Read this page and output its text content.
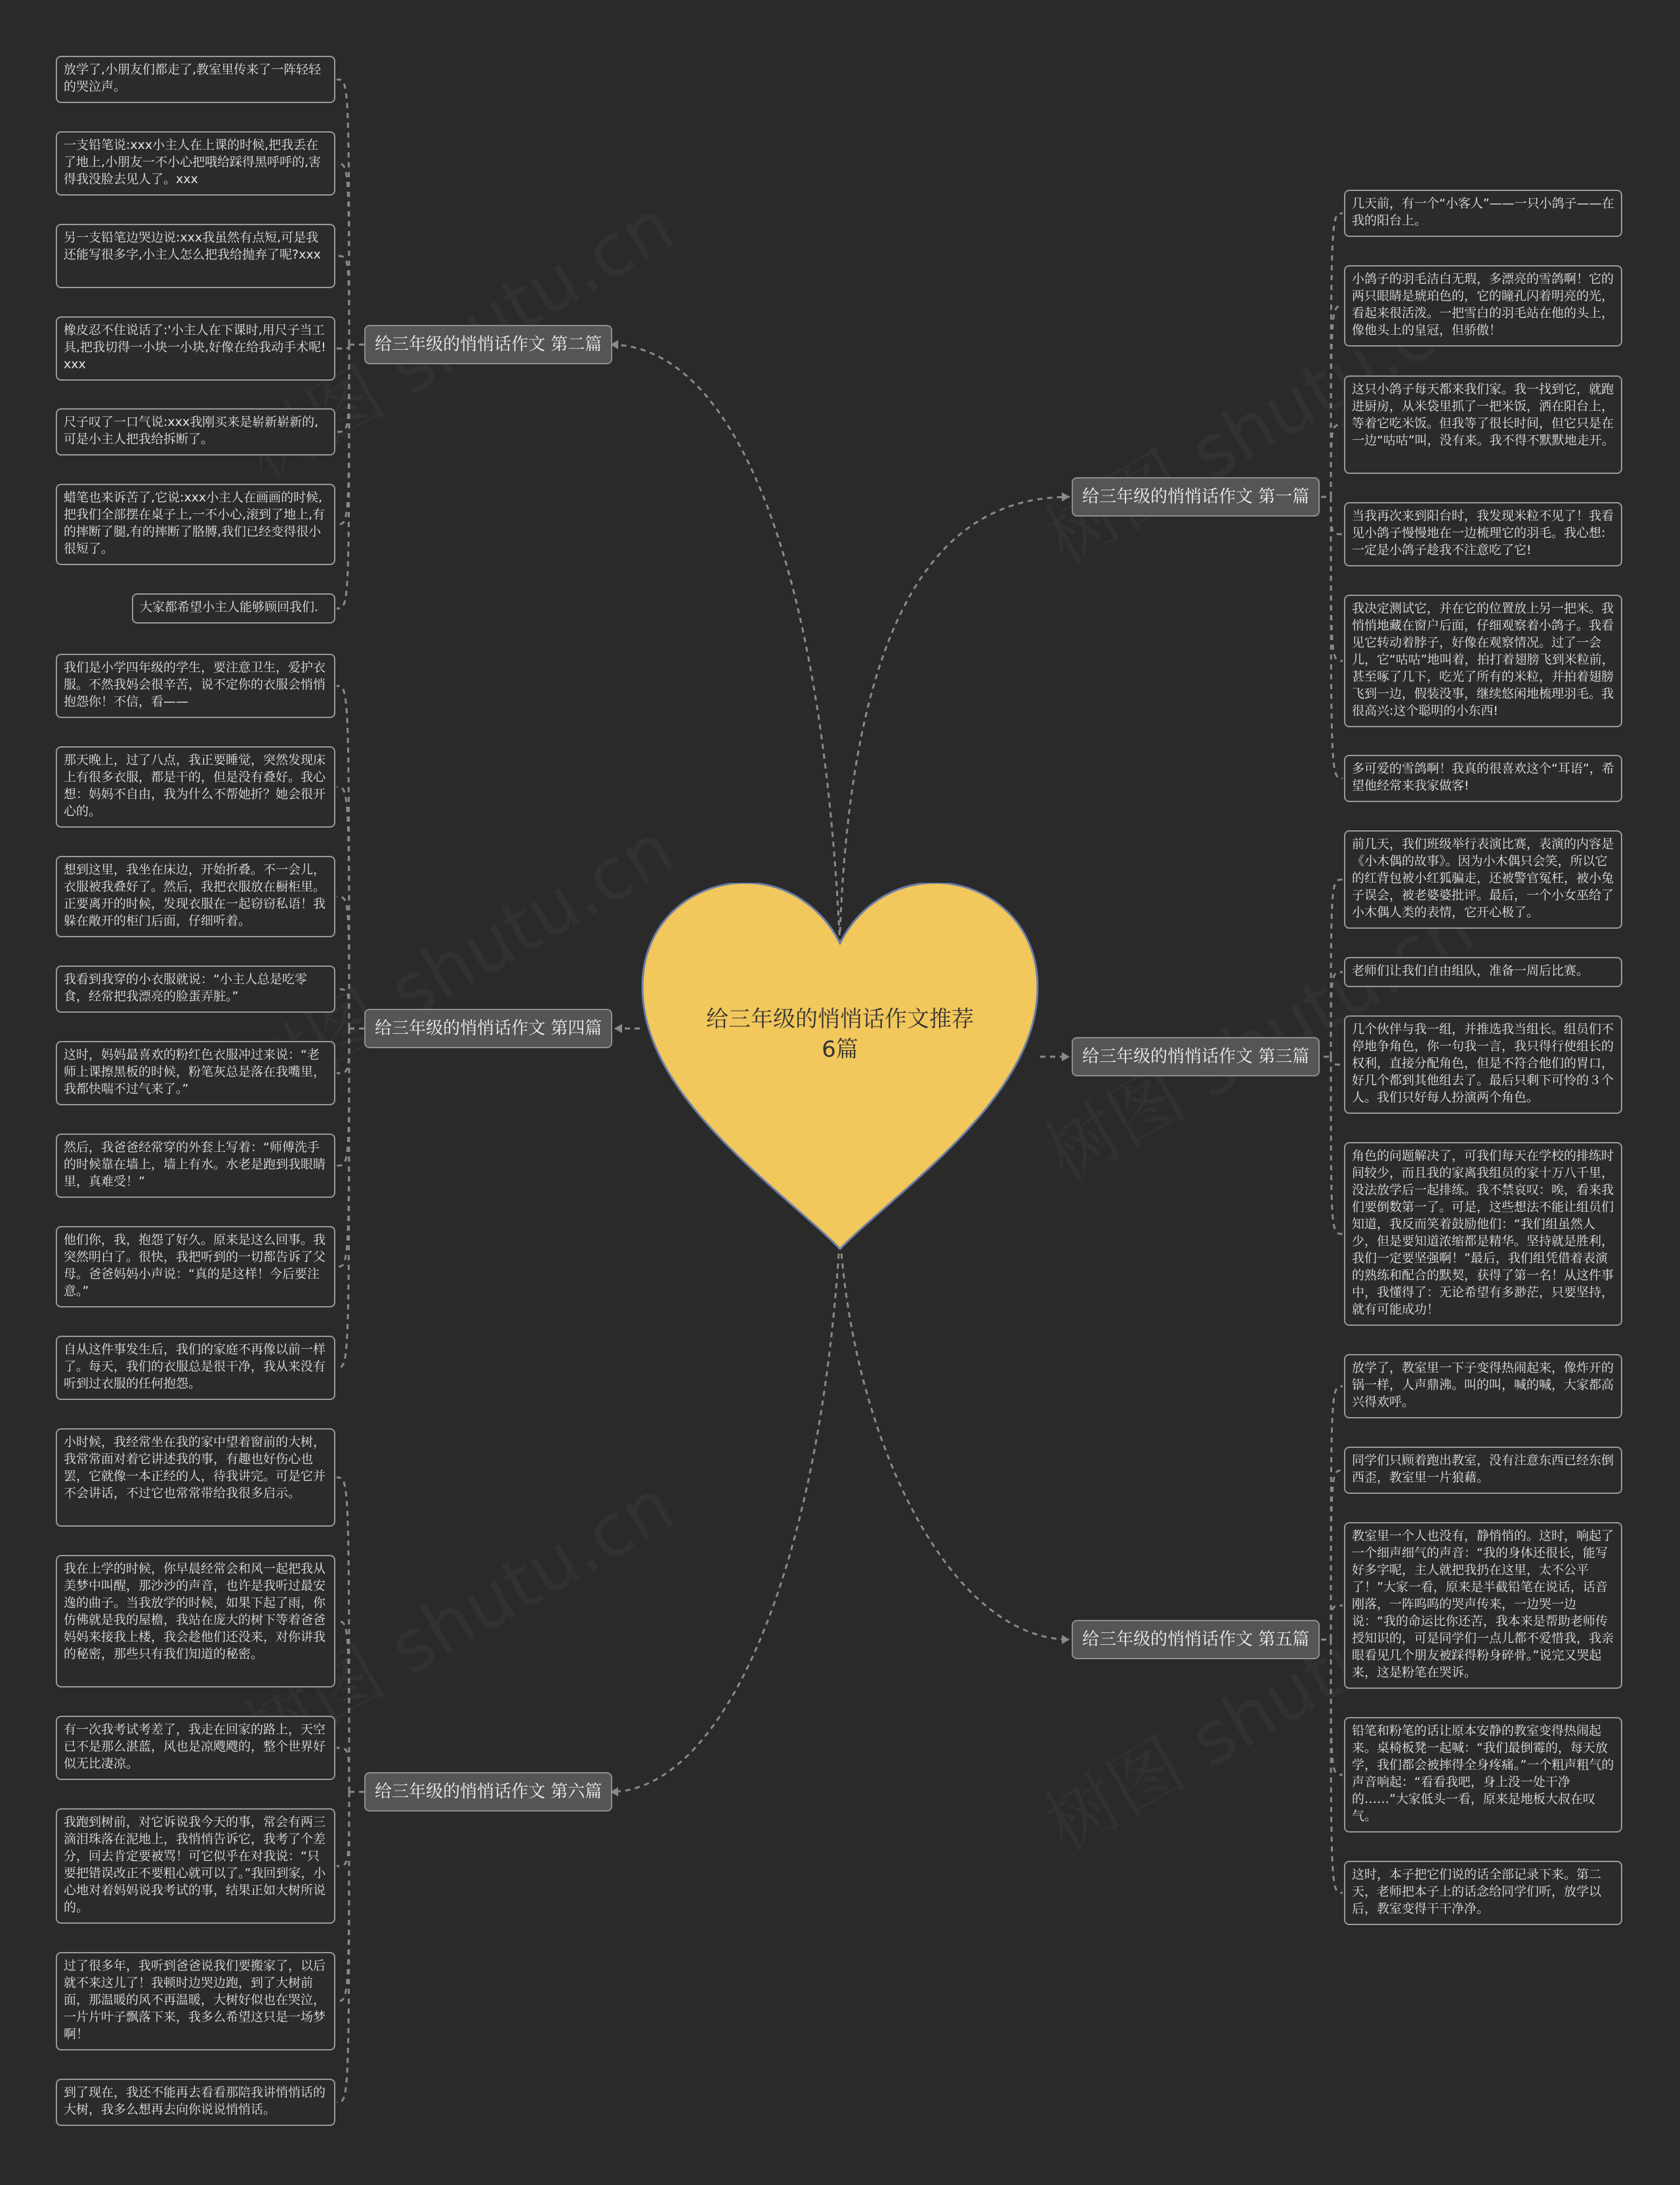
给三年级的悄悄话作文推荐6篇
给三年级的悄悄话作文 第一篇
几天前，有一个“小客人”——一只小鸽子——在我的阳台上。
小鸽子的羽毛洁白无瑕，多漂亮的雪鸽啊！它的两只眼睛是琥珀色的，它的瞳孔闪着明亮的光，看起来很活泼。一把雪白的羽毛站在他的头上，像他头上的皇冠，但骄傲！
这只小鸽子每天都来我们家。我一找到它，就跑进厨房，从米袋里抓了一把米饭，洒在阳台上，等着它吃米饭。但我等了很长时间，但它只是在一边“咕咕”叫，没有来。我不得不默默地走开。
当我再次来到阳台时，我发现米粒不见了！我看见小鸽子慢慢地在一边梳理它的羽毛。我心想:一定是小鸽子趁我不注意吃了它!
我决定测试它，并在它的位置放上另一把米。我悄悄地藏在窗户后面，仔细观察着小鸽子。我看见它转动着脖子，好像在观察情况。过了一会儿，它“咕咕”地叫着，拍打着翅膀飞到米粒前，甚至啄了几下，吃光了所有的米粒，并拍着翅膀飞到一边，假装没事，继续悠闲地梳理羽毛。我很高兴:这个聪明的小东西!
多可爱的雪鸽啊！我真的很喜欢这个“耳语”，希望他经常来我家做客!
给三年级的悄悄话作文 第二篇
放学了,小朋友们都走了,教室里传来了一阵轻轻的哭泣声。
一支铅笔说:xxx小主人在上课的时候,把我丢在了地上,小朋友一不小心把哦给踩得黑呼呼的,害得我没脸去见人了。xxx
另一支铅笔边哭边说:xxx我虽然有点短,可是我还能写很多字,小主人怎么把我给抛弃了呢?xxx
橡皮忍不住说话了:'小主人在下课时,用尺子当工具,把我切得一小块一小块,好像在给我动手术呢!xxx
尺子叹了一口气说:xxx我刚买来是崭新崭新的,可是小主人把我给拆断了。
蜡笔也来诉苦了,它说:xxx小主人在画画的时候,把我们全部摆在桌子上,一不小心,滚到了地上,有的摔断了腿,有的摔断了胳膊,我们已经变得很小很短了。
大家都希望小主人能够顾回我们.
给三年级的悄悄话作文 第三篇
前几天，我们班级举行表演比赛，表演的内容是《小木偶的故事》。因为小木偶只会笑，所以它的红背包被小红狐骗走，还被警官冤枉，被小兔子误会，被老婆婆批评。最后，一个小女巫给了小木偶人类的表情，它开心极了。
老师们让我们自由组队，准备一周后比赛。
几个伙伴与我一组，并推选我当组长。组员们不停地争角色，你一句我一言，我只得行使组长的权利，直接分配角色，但是不符合他们的胃口，好几个都到其他组去了。最后只剩下可怜的３个人。我们只好每人扮演两个角色。
角色的问题解决了，可我们每天在学校的排练时间较少，而且我的家离我组员的家十万八千里，没法放学后一起排练。我不禁哀叹：唉，看来我们要倒数第一了。可是，这些想法不能让组员们知道，我反而笑着鼓励他们：“我们组虽然人少，但是要知道浓缩都是精华。坚持就是胜利，我们一定要坚强啊！”最后，我们组凭借着表演的熟练和配合的默契，获得了第一名！从这件事中，我懂得了：无论希望有多渺茫，只要坚持，就有可能成功！
给三年级的悄悄话作文 第四篇
我们是小学四年级的学生，要注意卫生，爱护衣服。不然我妈会很辛苦，说不定你的衣服会悄悄抱怨你！不信，看——
那天晚上，过了八点，我正要睡觉，突然发现床上有很多衣服，都是干的，但是没有叠好。我心想：妈妈不自由，我为什么不帮她折？她会很开心的。
想到这里，我坐在床边，开始折叠。不一会儿，衣服被我叠好了。然后，我把衣服放在橱柜里。正要离开的时候，发现衣服在一起窃窃私语！我躲在敞开的柜门后面，仔细听着。
我看到我穿的小衣服就说：“小主人总是吃零食，经常把我漂亮的脸蛋弄脏。”
这时，妈妈最喜欢的粉红色衣服冲过来说：“老师上课擦黑板的时候，粉笔灰总是落在我嘴里，我都快喘不过气来了。”
然后，我爸爸经常穿的外套上写着：“师傅洗手的时候靠在墙上，墙上有水。水老是跑到我眼睛里，真难受！”
他们你，我，抱怨了好久。原来是这么回事。我突然明白了。很快，我把听到的一切都告诉了父母。爸爸妈妈小声说：“真的是这样！今后要注意。”
自从这件事发生后，我们的家庭不再像以前一样了。每天，我们的衣服总是很干净，我从来没有听到过衣服的任何抱怨。
给三年级的悄悄话作文 第五篇
放学了，教室里一下子变得热闹起来，像炸开的锅一样，人声鼎沸。叫的叫，喊的喊，大家都高兴得欢呼。
同学们只顾着跑出教室，没有注意东西已经东倒西歪，教室里一片狼藉。
教室里一个人也没有，静悄悄的。这时，响起了一个细声细气的声音：“我的身体还很长，能写好多字呢，主人就把我扔在这里，太不公平了！”大家一看，原来是半截铅笔在说话，话音刚落，一阵呜呜的哭声传来，一边哭一边说：“我的命运比你还苦，我本来是帮助老师传授知识的，可是同学们一点儿都不爱惜我，我亲眼看见几个朋友被踩得粉身碎骨。”说完又哭起来，这是粉笔在哭诉。
铅笔和粉笔的话让原本安静的教室变得热闹起来。桌椅板凳一起喊：“我们最倒霉的，每天放学，我们都会被摔得全身疼痛。”一个粗声粗气的声音响起：“看看我吧，身上没一处干净的……”大家低头一看，原来是地板大叔在叹气。
这时，本子把它们说的话全部记录下来。第二天，老师把本子上的话念给同学们听，放学以后，教室变得干干净净。
给三年级的悄悄话作文 第六篇
小时候，我经常坐在我的家中望着窗前的大树，我常常面对着它讲述我的事，有趣也好伤心也罢，它就像一本正经的人，待我讲完。可是它并不会讲话，不过它也常常带给我很多启示。
我在上学的时候，你早晨经常会和风一起把我从美梦中叫醒，那沙沙的声音，也许是我听过最安逸的曲子。当我放学的时候，如果下起了雨，你仿佛就是我的屋檐，我站在庞大的树下等着爸爸妈妈来接我上楼，我会趁他们还没来，对你讲我的秘密，那些只有我们知道的秘密。
有一次我考试考差了，我走在回家的路上，天空已不是那么湛蓝，风也是凉飕飕的，整个世界好似无比凄凉。
我跑到树前，对它诉说我今天的事，常会有两三滴泪珠落在泥地上，我悄悄告诉它，我考了个差分，回去肯定要被骂！可它似乎在对我说：“只要把错误改正不要粗心就可以了。”我回到家，小心地对着妈妈说我考试的事，结果正如大树所说的。
过了很多年，我听到爸爸说我们要搬家了，以后就不来这儿了！我顿时边哭边跑，到了大树前面，那温暖的风不再温暖，大树好似也在哭泣，一片片叶子飘落下来，我多么希望这只是一场梦啊！
到了现在，我还不能再去看看那陪我讲悄悄话的大树，我多么想再去向你说说悄悄话。
